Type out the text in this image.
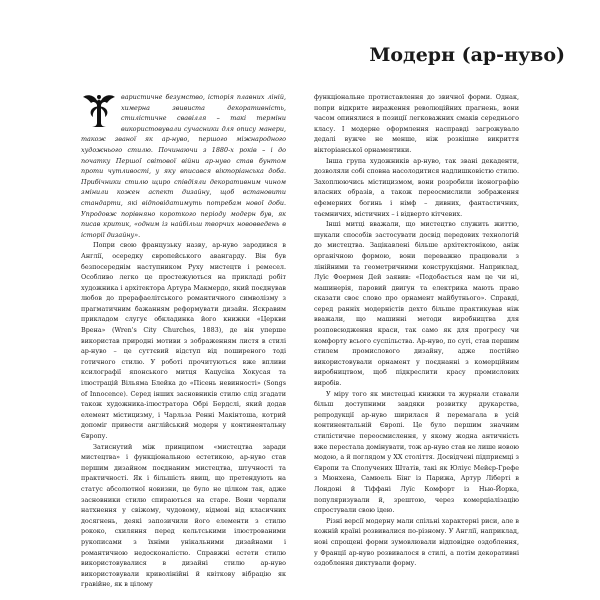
Модерн (ар-нуво)

варистичне безумство, історія плавних ліній, химерна звивиста декоративність, стилістичне свавілля – такі терміни використовували сучасники для опису манери, також званої як ар-нуво, першого міжнародного художнього стилю. Починаючи з 1880-х років – і до початку Першої світової війни ар-нуво став бунтом проти чутливості, у яку вписався вікторіанська доба. Прибічники стилю щиро співдіяли декоративним чином змінили кожен аспект дизайну, щоб встановити стандарти, які відповідатимуть потребам нової доби. Упродовж порівняно короткого періоду модерн був, як писав критик, «одним із найбільш творчих нововведень в історії дизайну».

Попри свою французьку назву, ар-нуво зародився в Англії, осередку європейського авангарду. Він був безпосереднім наступником Руху мистецтв і ремесел. Особливо легко це простежуються на прикладі робіт художника і архітектора Артура Макмердо, який поєднував любов до прерафаелітського романтичного символізму з прагматичним бажанням реформувати дизайн. Яскравим прикладом слугує обкладинка його книжки «Церкви Врена» (Wren's City Churches, 1883), де він уперше використав природні мотиви з зображенням листя в стилі ар-нуво – це суттєвий відступ від поширеного тоді готичного стилю. У роботі прочитуються вже впливи ксилографії японського митця Кацусіка Хокусая та ілюстрацій Вільяма Блейка до «Пісень невинності» (Songs of Innocence). Серед інших засновників стилю слід згадати також художника-ілюстратора Обрі Бердслі, який додав елемент містицизму, і Чарльза Ренні Макінтоша, котрий допоміг привести англійський модерн у континентальну Європу.

Затиснутий між принципом «мистецтва заради мистецтва» і функціональною естетикою, ар-нуво став першим дизайном поєднаним мистецтва, штучності та практичності. Як і більшість явищ, що претендують на статус абсолютної новизни, це було не цілком так, адже засновники стилю спираються на старе. Вони черпали натхнення у свіжому, чудовому, відмові від класичних досягнень, деякі запозичили його елементи з стилю рококо, схиляння перед кельтськими ілюстрованими рукописами з їхніми унікальними дизайнами і романтичною недосконалістю. Справжні естети стилю використовувалися в дизайні стилю ар-нуво використовували криволінійні й квіткову вібрацію як гравійне, як в цілому

функціональне протиставлення до звичної форми. Однак, попри відкрите вираження революційних прагнень, вони часом опинялися в позиції легковажних смаків середнього класу. І модерне оформлення насправді загрожувало дедалі вужче не менше, ніж розкішне викриття вікторіанської орнаментики.

Інша група художників ар-нуво, так звані декаденти, дозволяли собі сповна насолодитися надлишковістю стилю. Захоплюючись містицизмом, вони розробили іконографію власних образів, а також переосмислили зображення ефемерних богинь і німф – дивних, фантастичних, таємничих, містичних – і відверто кітчевих.

Інші митці вважали, що мистецтво служить життю, шукали способів застосувати досвід передових технологій до мистецтва. Зацікавлені більше архітектонікою, аніж органічною формою, вони переважно працювали з лінійними та геометричними конструкціями. Наприклад, Луїс Фоермен Дей заявив: «Подобається нам це чи ні, машинерія, паровий двигун та електрика мають право сказати своє слово про орнамент майбутнього». Справді, серед ранніх модерністів дехто більше практикував ніж вважали, що машинні методи виробництва для розповсюдження краси, так само як для прогресу чи комфорту всього суспільства. Ар-нуво, по суті, став першим стилем промислового дизайну, адже постійно використовували орнамент у поєднанні з комерційним виробництвом, щоб підкреслити красу промислових виробів.

У міру того як мистецькі книжки та журнали ставали більш доступними завдяки розвитку друкарства, репродукції ар-нуво ширилася й перемагала в усій континентальній Європі. Це було першим значним стилістичне переосмислення, у якому жодна античність вже перестала домінувати, тож ар-нуво став не лише новою модою, а й поглядом у XX століття. Досвідчені підприємці з Європи та Сполучених Штатів, такі як Юліус Мейєр-Грефе з Мюнхена, Самюель Бінг із Парижа, Артур Ліберті в Лондоні й Тіффані Луїс Комфорт із Нью-Йорка, популяризували й, зрештою, через комерціалізацію спростували свою ідею.

Різні версії модерну мали спільні характерні риси, але в кожній країні розвивалися по-різному. У Англії, наприклад, нові спрощені форми зумовлювали відповідне оздоблення, у Франції ар-нуво розвивалося в стилі, а потім декоративні оздоблення диктували форму.
